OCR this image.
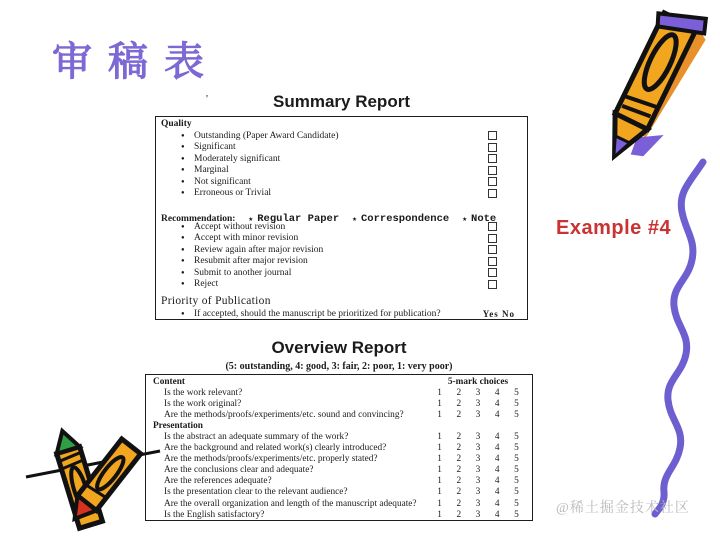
审稿表
'	Summary Report
Quality
● Outstanding (Paper Award Candidate)
● Significant
● Moderately significant
● Marginal
● Not significant
● Erroneous or Trivial
Recommendation:	★ Regular Paper ★ Correspondence ★ Note
● Accept without revision
● Accept with minor revision
● Review again after major revision
● Resubmit after major revision
● Submit to another journal
● Reject
Priority of Publication
● If accepted, should the manuscript be prioritized for publication?	Yes No
Overview Report
(5: outstanding, 4: good, 3: fair, 2: poor, 1: very poor)
Content	5-mark choices
Is the work relevant?	1	2	3	4	5
Is the work original?	1	2	3	4	5
Are the methods/proofs/experiments/etc. sound and convincing?	1	2	3	4	5
Presentation
Is the abstract an adequate summary of the work?	1	2	3	4	5
Are the background and related work(s) clearly introduced?	1	2	3	4	5
Are the methods/proofs/experiments/etc. properly stated?	1	2	3	4	5
Are the conclusions clear and adequate?	1	2	3	4	5
Are the references adequate?	1	2	3	4	5
Is the presentation clear to the relevant audience?	1	2	3	4	5
Are the overall organization and length of the manuscript adequate?	1	2	3	4	5
Is the English satisfactory?	1	2	3	4	5
Example #4
@稀土掘金技术社区
